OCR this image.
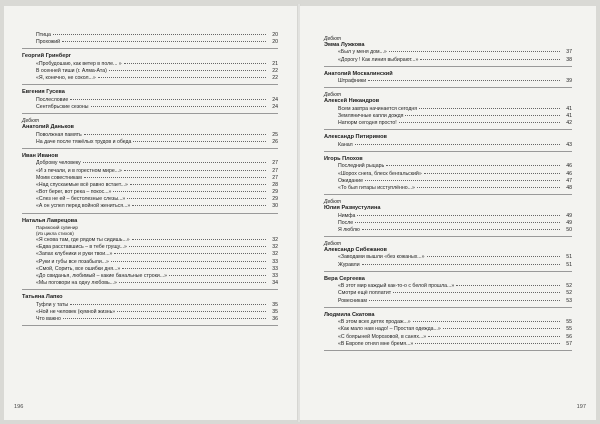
Птица	20
Прохожий	20
Георгий Гринберг
«Пробудошаю, как ветер в поле... »	21
В осенней тиши (г. Алма-Ата)	22
«Я, конечно, не сокол...»	22
Евгения Гусева
Послесловие	24
Сентябрьские сезоны	24
Дебют
Анатолий Даньков
Поволжная память	25
На даче после тяжёлых трудов и обеда	26
Иван Иванов
Доброму человеку	27
«И з печали, и в горестном мире...»	27
Моим совестникам	27
«Над спускаемые всё равно встает...»	28
«Вот берег, вот река – покос...»	29
«Слез не ей – бестолезные слезы...»	29
«А он успел перед войной жениться...»	30
Наталья Лаврецова
Парижский сувенир
(Из цикла стихов)
«Я снова там, где рядом ты сидишь...»	32
«Едва расставшись – в тебе грущу...»	32
«Запах клубники и руки твои...»	32
«Руки и губы все позабыли...»	33
«Смой, Сорить, все ошибки дня...»	33
«До свиданья, любимый – какие банальные строки...»	33
«Мы поговори на одну любовь...»	34
Татьяна Лапко
Туфли у таты	35
«Ной не человек (кумной жизнь»	35
Что важно	36
196
Дебют
Эмма Лужкова
«Был у меня дом...»	37
«Дорогу ! Как линия выбирают...»	38
Анатолий Москалинский
Штрафники	39
Дебют
Алексей Никандров
Всем завтра начинается сегодня	41
Земляничные капли дождя	41
Натюрм сегодня просто!	42
Александр Питиримов
Канал	43
Игорь Плохов
Последний рыцарь	46
«Шорох снега, блеск бенгальский»	46
Ожидание	47
«То был гитары исступлённо...»	48
Дебют
Юлия Размустулина
Нимфа	49
После	49
Я люблю	50
Дебют
Александр Сибежанов
«Заводами вышли «без кожаных...»	51
Журавли	51
Вера Сергеева
«В этот мир каждый как-то-о с белой прошла...»	52
Смотри ещё поплатит	52
Ровесникам	53
Людмила Скатова
«В этом всех детях продаж...»	55
«Как мало нам надо! – Простая одежда...»	55
«С боярыней Морозовой, в санях...»	56
«В Европе отнял мне бремя...»	57
197
